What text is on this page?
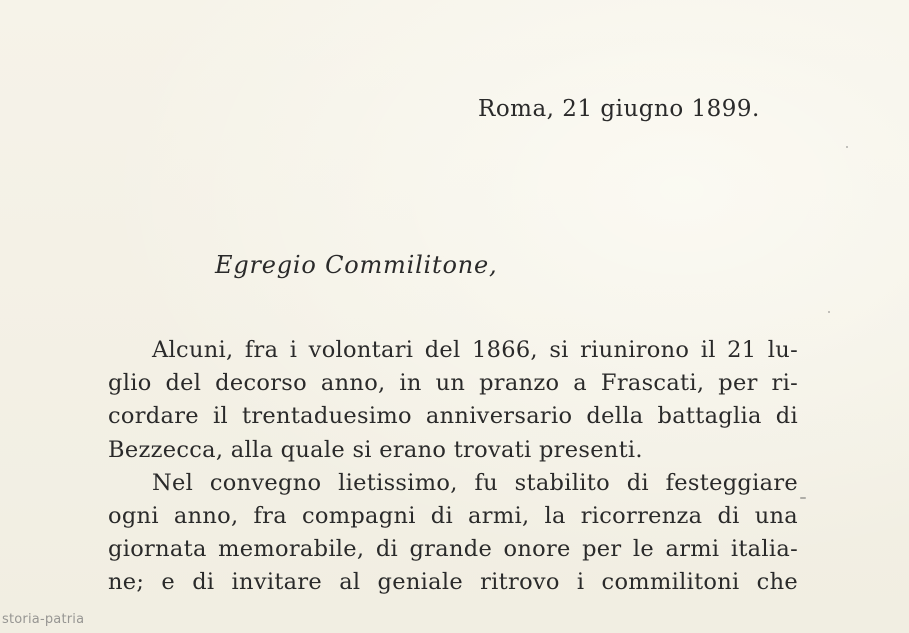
Roma, 21 giugno 1899.
Egregio Commilitone,
Alcuni, fra i volontari del 1866, si riunirono il 21 lu-
glio del decorso anno, in un pranzo a Frascati, per ri-
cordare il trentaduesimo anniversario della battaglia di
Bezzecca, alla quale si erano trovati presenti.
Nel convegno lietissimo, fu stabilito di festeggiare
ogni anno, fra compagni di armi, la ricorrenza di una
giornata memorabile, di grande onore per le armi italia-
ne; e di invitare al geniale ritrovo i commilitoni che
storia-patria
